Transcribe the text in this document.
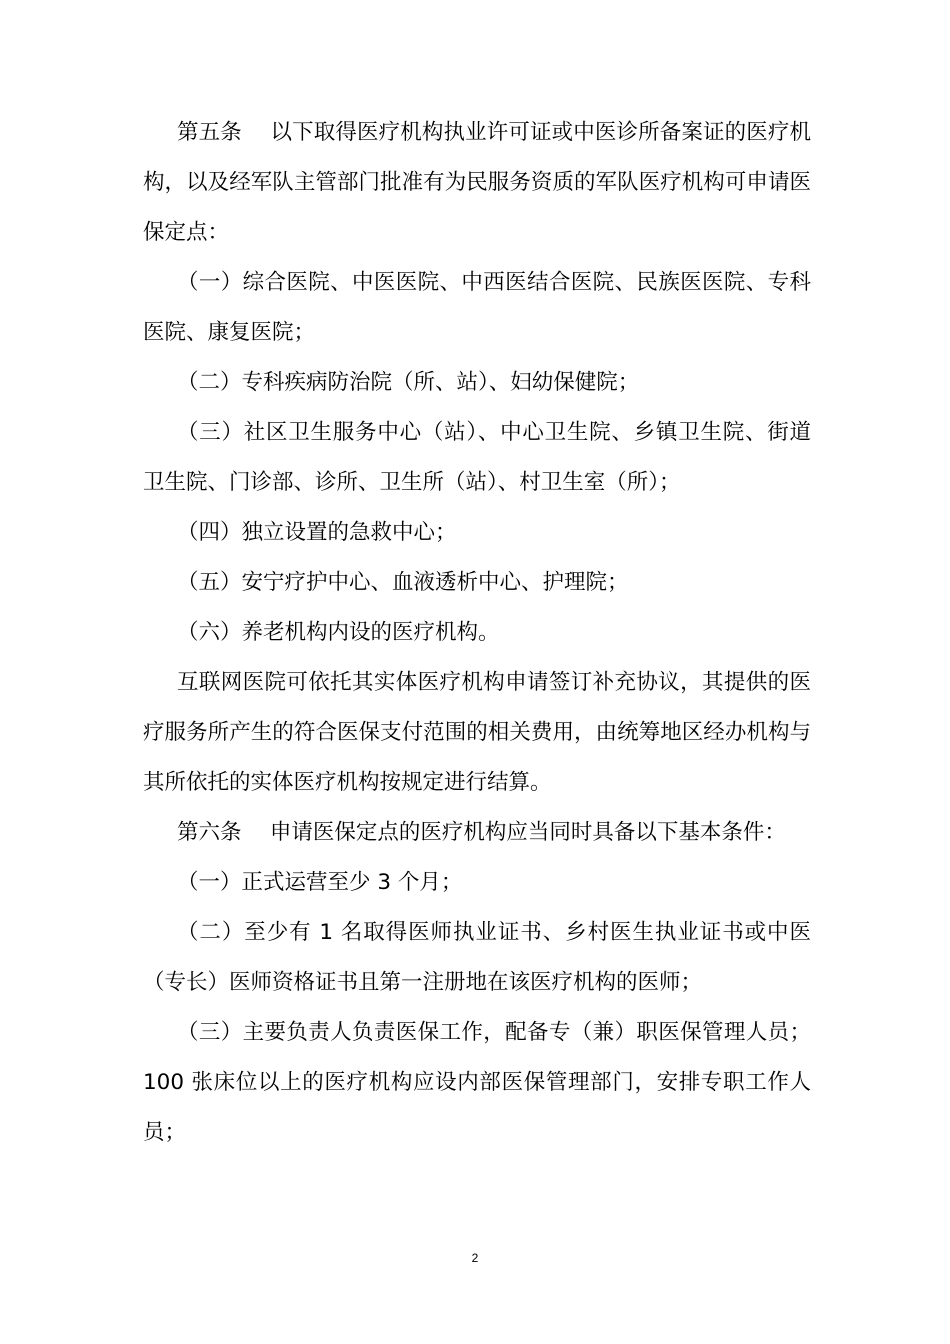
第五条　 以下取得医疗机构执业许可证或中医诊所备案证的医疗机构，以及经军队主管部门批准有为民服务资质的军队医疗机构可申请医保定点：

（一）综合医院、中医医院、中西医结合医院、民族医医院、专科医院、康复医院；

（二）专科疾病防治院（所、站）、妇幼保健院；

（三）社区卫生服务中心（站）、中心卫生院、乡镇卫生院、街道卫生院、门诊部、诊所、卫生所（站）、村卫生室（所）；

（四）独立设置的急救中心；

（五）安宁疗护中心、血液透析中心、护理院；

（六）养老机构内设的医疗机构。

互联网医院可依托其实体医疗机构申请签订补充协议，其提供的医疗服务所产生的符合医保支付范围的相关费用，由统筹地区经办机构与其所依托的实体医疗机构按规定进行结算。

第六条　 申请医保定点的医疗机构应当同时具备以下基本条件：

（一）正式运营至少 3 个月；

（二）至少有 1 名取得医师执业证书、乡村医生执业证书或中医（专长）医师资格证书且第一注册地在该医疗机构的医师；

（三）主要负责人负责医保工作，配备专（兼）职医保管理人员；100 张床位以上的医疗机构应设内部医保管理部门，安排专职工作人员；

2
